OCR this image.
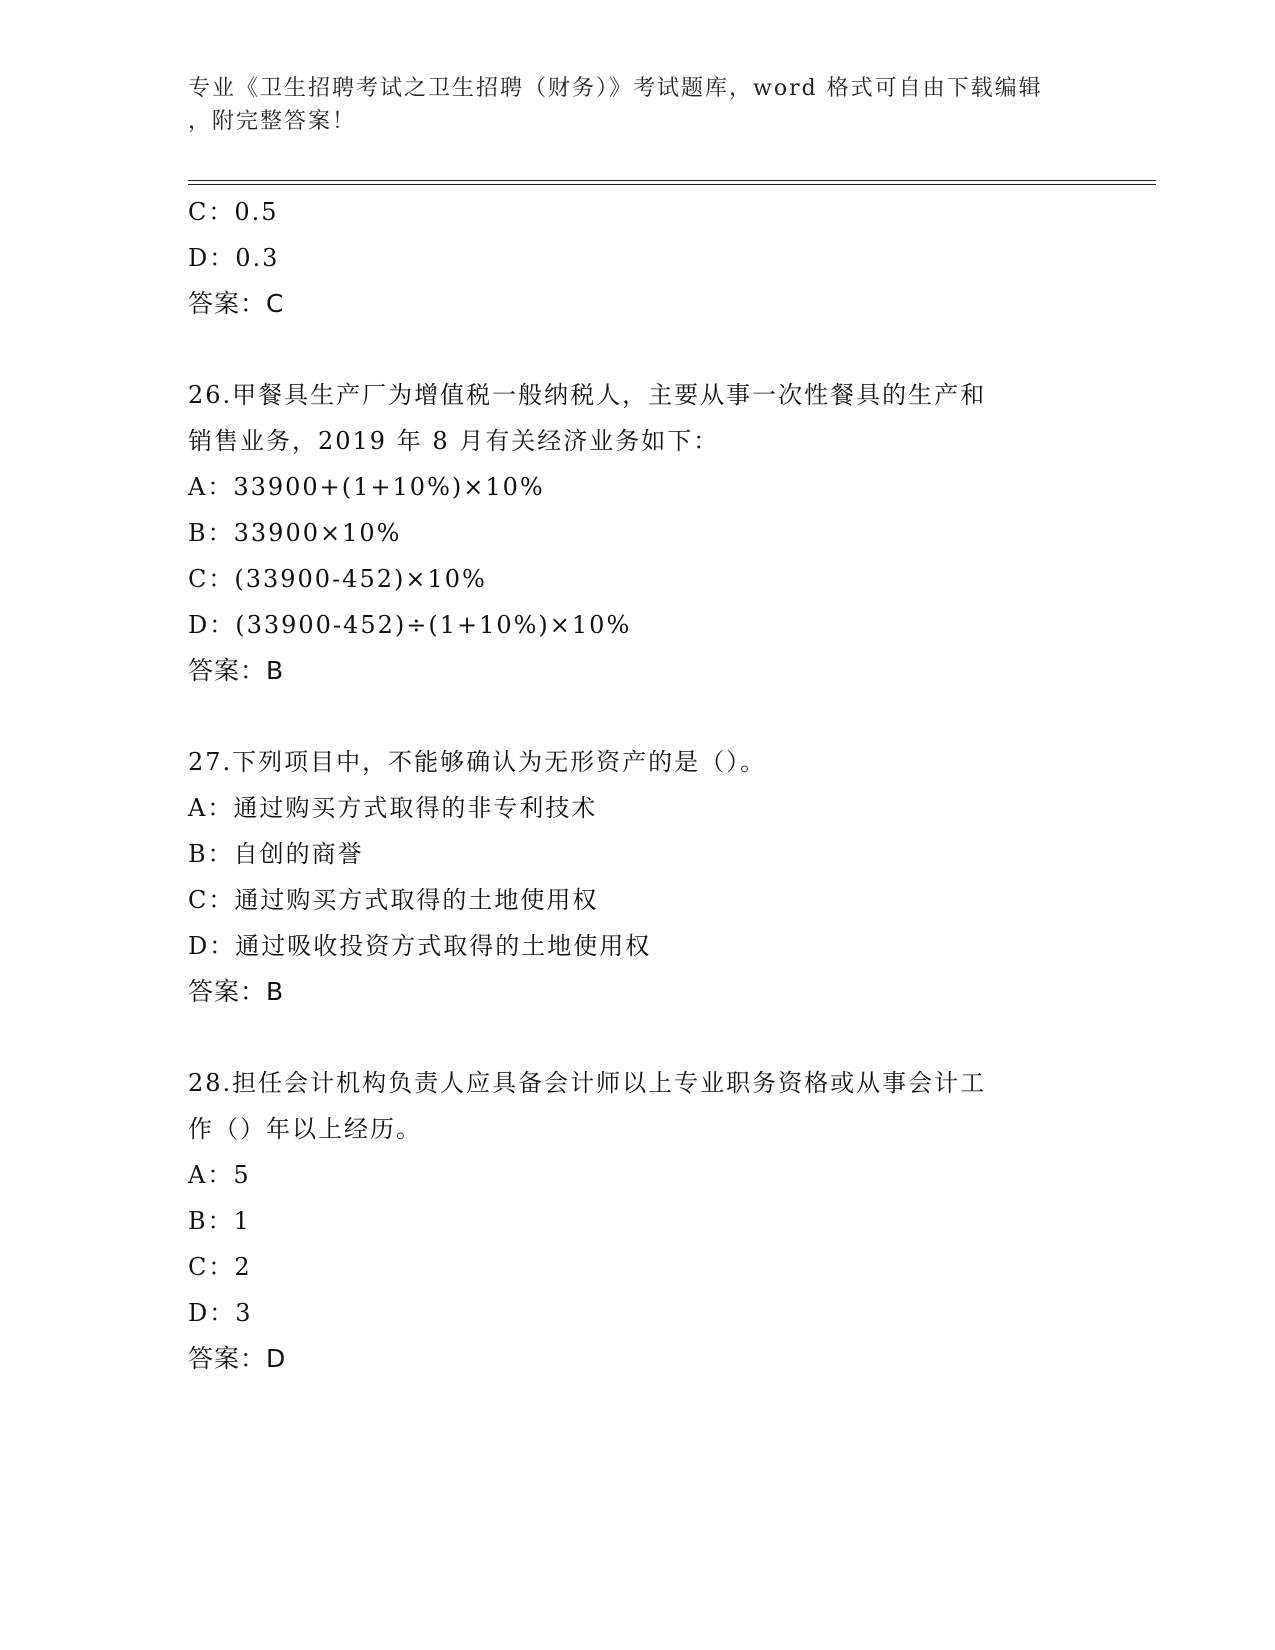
专业《卫生招聘考试之卫生招聘（财务）》考试题库，word 格式可自由下载编辑
，附完整答案！
C：0.5
D：0.3
答案：C
26.甲餐具生产厂为增值税一般纳税人，主要从事一次性餐具的生产和
销售业务，2019 年 8 月有关经济业务如下：
A：33900+(1+10%)×10%
B：33900×10%
C：(33900-452)×10%
D：(33900-452)÷(1+10%)×10%
答案：B
27.下列项目中，不能够确认为无形资产的是（）。
A：通过购买方式取得的非专利技术
B：自创的商誉
C：通过购买方式取得的土地使用权
D：通过吸收投资方式取得的土地使用权
答案：B
28.担任会计机构负责人应具备会计师以上专业职务资格或从事会计工
作（）年以上经历。
A：5
B：1
C：2
D：3
答案：D
